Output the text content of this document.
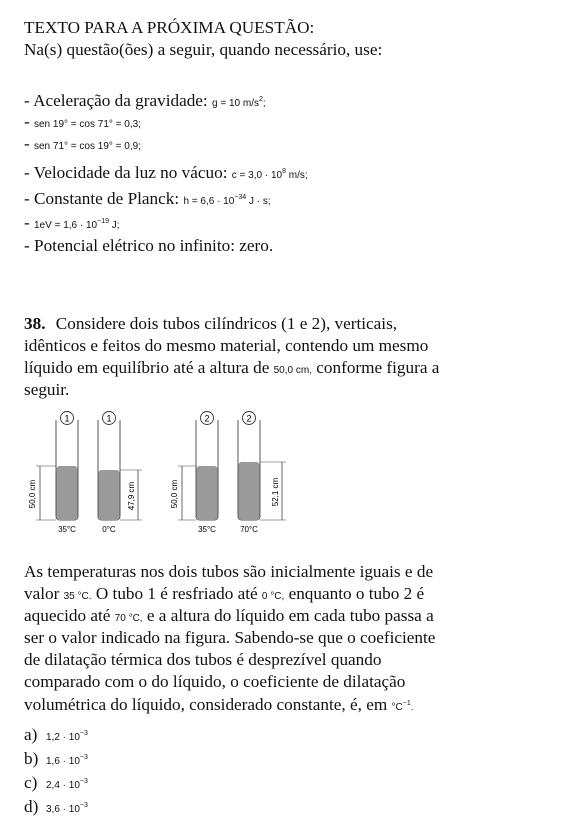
TEXTO PARA A PRÓXIMA QUESTÃO:
Na(s) questão(ões) a seguir, quando necessário, use:
- Aceleração da gravidade: g = 10 $m/s^2$;
- sen 19° = cos 71° = 0,3;
- sen 71° = cos 19° = 0,9;
- Velocidade da luz no vácuo: $c = 3,0 \cdot 10^8$ m/s;
- Constante de Planck: $h = 6,6 \cdot 10^{-34}$ J · s;
- $1eV = 1,6 \cdot 10^{-19}$ J;
- Potencial elétrico no infinito: zero.
38. Considere dois tubos cilíndricos (1 e 2), verticais,
idênticos e feitos do mesmo material, contendo um mesmo
líquido em equilíbrio até a altura de 50,0 cm, conforme figura a
seguir.
1
50,0 cm
35°C
1
47,9 cm
0°C
2
50,0 cm
35°C
2
52,1 cm
70°C
As temperaturas nos dois tubos são inicialmente iguais e de
valor 35 °C. O tubo 1 é resfriado até 0 °C, enquanto o tubo 2 é
aquecido até 70 °C, e a altura do líquido em cada tubo passa a
ser o valor indicado na figura. Sabendo-se que o coeficiente
de dilatação térmica dos tubos é desprezível quando
comparado com o do líquido, o coeficiente de dilatação
volumétrica do líquido, considerado constante, é, em $^\circ C^{-1}$.
a) $1,2 \cdot 10^{-3}$
b) $1,6 \cdot 10^{-3}$
c) $2,4 \cdot 10^{-3}$
d) $3,6 \cdot 10^{-3}$
